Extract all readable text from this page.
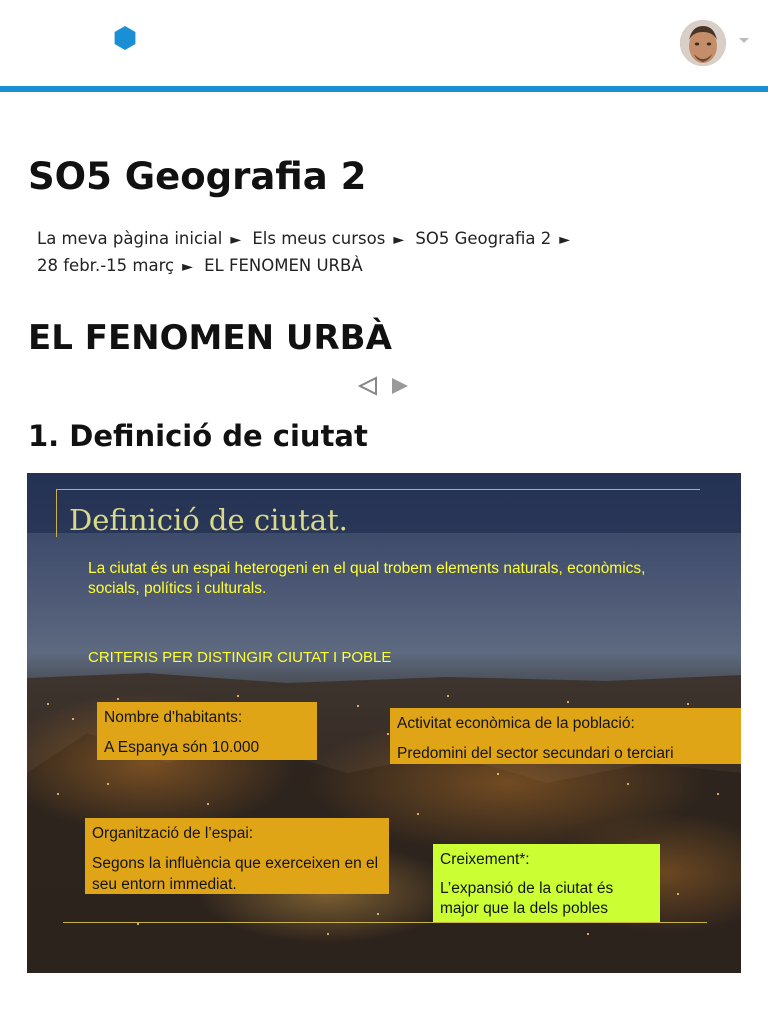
SO5 Geografia 2
La meva pàgina inicial ► Els meus cursos ► SO5 Geografia 2 ►
28 febr.-15 març ► EL FENOMEN URBÀ
EL FENOMEN URBÀ
1. Definició de ciutat
Definició de ciutat.
La ciutat és un espai heterogeni en el qual trobem elements naturals, econòmics, socials, polítics i culturals.
CRITERIS PER DISTINGIR CIUTAT I POBLE

Nombre d'habitants:

A Espanya són 10.000

Activitat econòmica de la població:

Predomini del sector secundari o terciari

Organització de l’espai:

Segons la influència que exerceixen en el seu entorn immediat.

Creixement*:

L’expansió de la ciutat és major que la dels pobles
